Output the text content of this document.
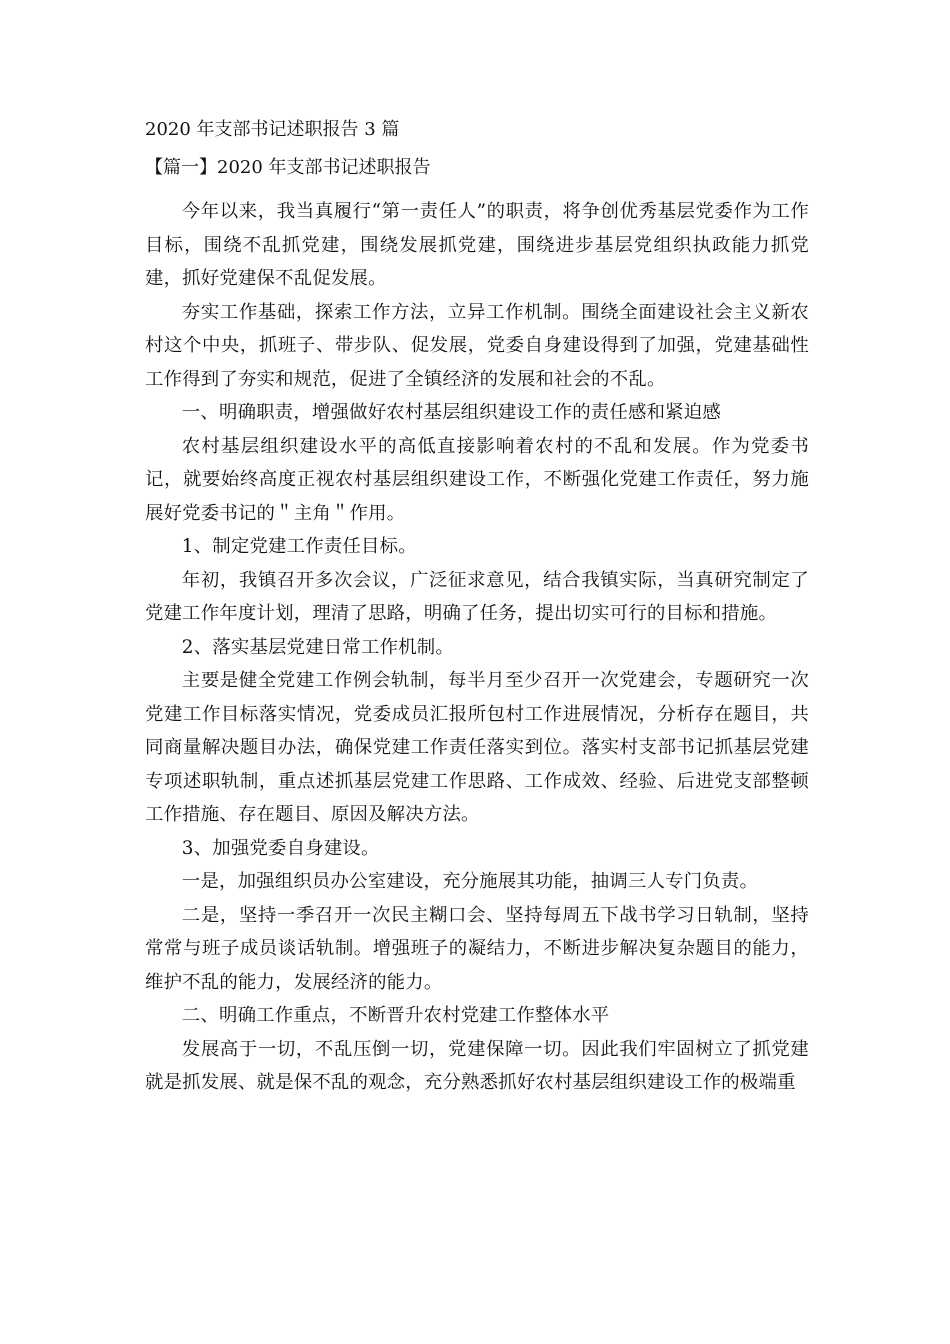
2020 年支部书记述职报告 3 篇
【篇一】2020 年支部书记述职报告

今年以来，我当真履行“第一责任人”的职责，将争创优秀基层党委作为工作目标，围绕不乱抓党建，围绕发展抓党建，围绕进步基层党组织执政能力抓党建，抓好党建保不乱促发展。

夯实工作基础，探索工作方法，立异工作机制。围绕全面建设社会主义新农村这个中央，抓班子、带步队、促发展，党委自身建设得到了加强，党建基础性工作得到了夯实和规范，促进了全镇经济的发展和社会的不乱。

一、明确职责，增强做好农村基层组织建设工作的责任感和紧迫感

农村基层组织建设水平的高低直接影响着农村的不乱和发展。作为党委书记，就要始终高度正视农村基层组织建设工作，不断强化党建工作责任，努力施展好党委书记的＂主角＂作用。

1、制定党建工作责任目标。

年初，我镇召开多次会议，广泛征求意见，结合我镇实际，当真研究制定了党建工作年度计划，理清了思路，明确了任务，提出切实可行的目标和措施。

2、落实基层党建日常工作机制。

主要是健全党建工作例会轨制，每半月至少召开一次党建会，专题研究一次党建工作目标落实情况，党委成员汇报所包村工作进展情况，分析存在题目，共同商量解决题目办法，确保党建工作责任落实到位。落实村支部书记抓基层党建专项述职轨制，重点述抓基层党建工作思路、工作成效、经验、后进党支部整顿工作措施、存在题目、原因及解决方法。

3、加强党委自身建设。

一是，加强组织员办公室建设，充分施展其功能，抽调三人专门负责。

二是，坚持一季召开一次民主糊口会、坚持每周五下战书学习日轨制，坚持常常与班子成员谈话轨制。增强班子的凝结力，不断进步解决复杂题目的能力，维护不乱的能力，发展经济的能力。

二、明确工作重点，不断晋升农村党建工作整体水平

发展高于一切，不乱压倒一切，党建保障一切。因此我们牢固树立了抓党建就是抓发展、就是保不乱的观念，充分熟悉抓好农村基层组织建设工作的极端重
